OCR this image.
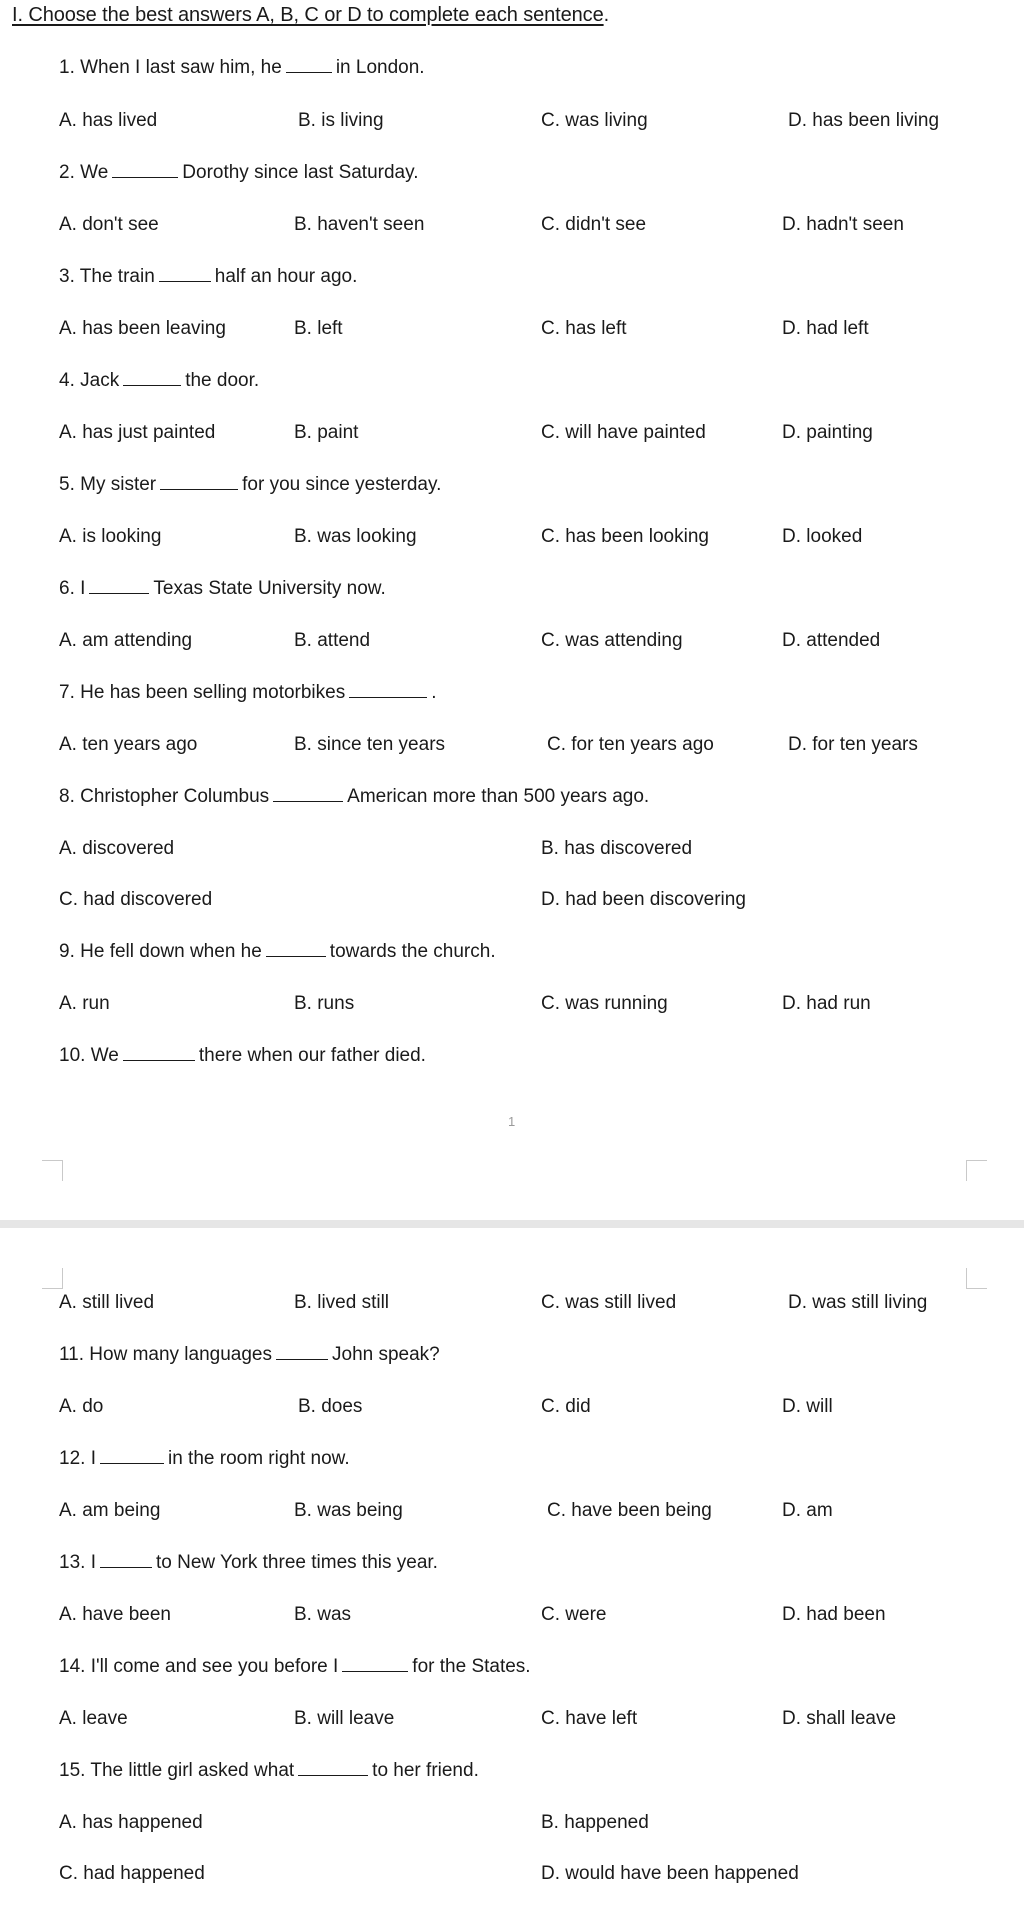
I. Choose the best answers A, B, C or D to complete each sentence.
1. When I last saw him, he	in London.
A. has lived	B. is living	C. was living	D. has been living
2. We	Dorothy since last Saturday.
A. don't see	B. haven't seen	C. didn't see	D. hadn't seen
3. The train	half an hour ago.
A. has been leaving	B. left	C. has left	D. had left
4. Jack	the door.
A. has just painted	B. paint	C. will have painted	D. painting
5. My sister	for you since yesterday.
A. is looking	B. was looking	C. has been looking	D. looked
6. I	Texas State University now.
A. am attending	B. attend	C. was attending	D. attended
7. He has been selling motorbikes	.
A. ten years ago	B. since ten years	C. for ten years ago	D. for ten years
8. Christopher Columbus	American more than 500 years ago.
A. discovered	B. has discovered
C. had discovered	D. had been discovering
9. He fell down when he	towards the church.
A. run	B. runs	C. was running	D. had run
10. We	there when our father died.
1
A. still lived	B. lived still	C. was still lived	D. was still living
11. How many languages	John speak?
A. do	B. does	C. did	D. will
12. I	in the room right now.
A. am being	B. was being	C. have been being	D. am
13. I	to New York three times this year.
A. have been	B. was	C. were	D. had been
14. I'll come and see you before I	for the States.
A. leave	B. will leave	C. have left	D. shall leave
15. The little girl asked what	to her friend.
A. has happened	B. happened
C. had happened	D. would have been happened
